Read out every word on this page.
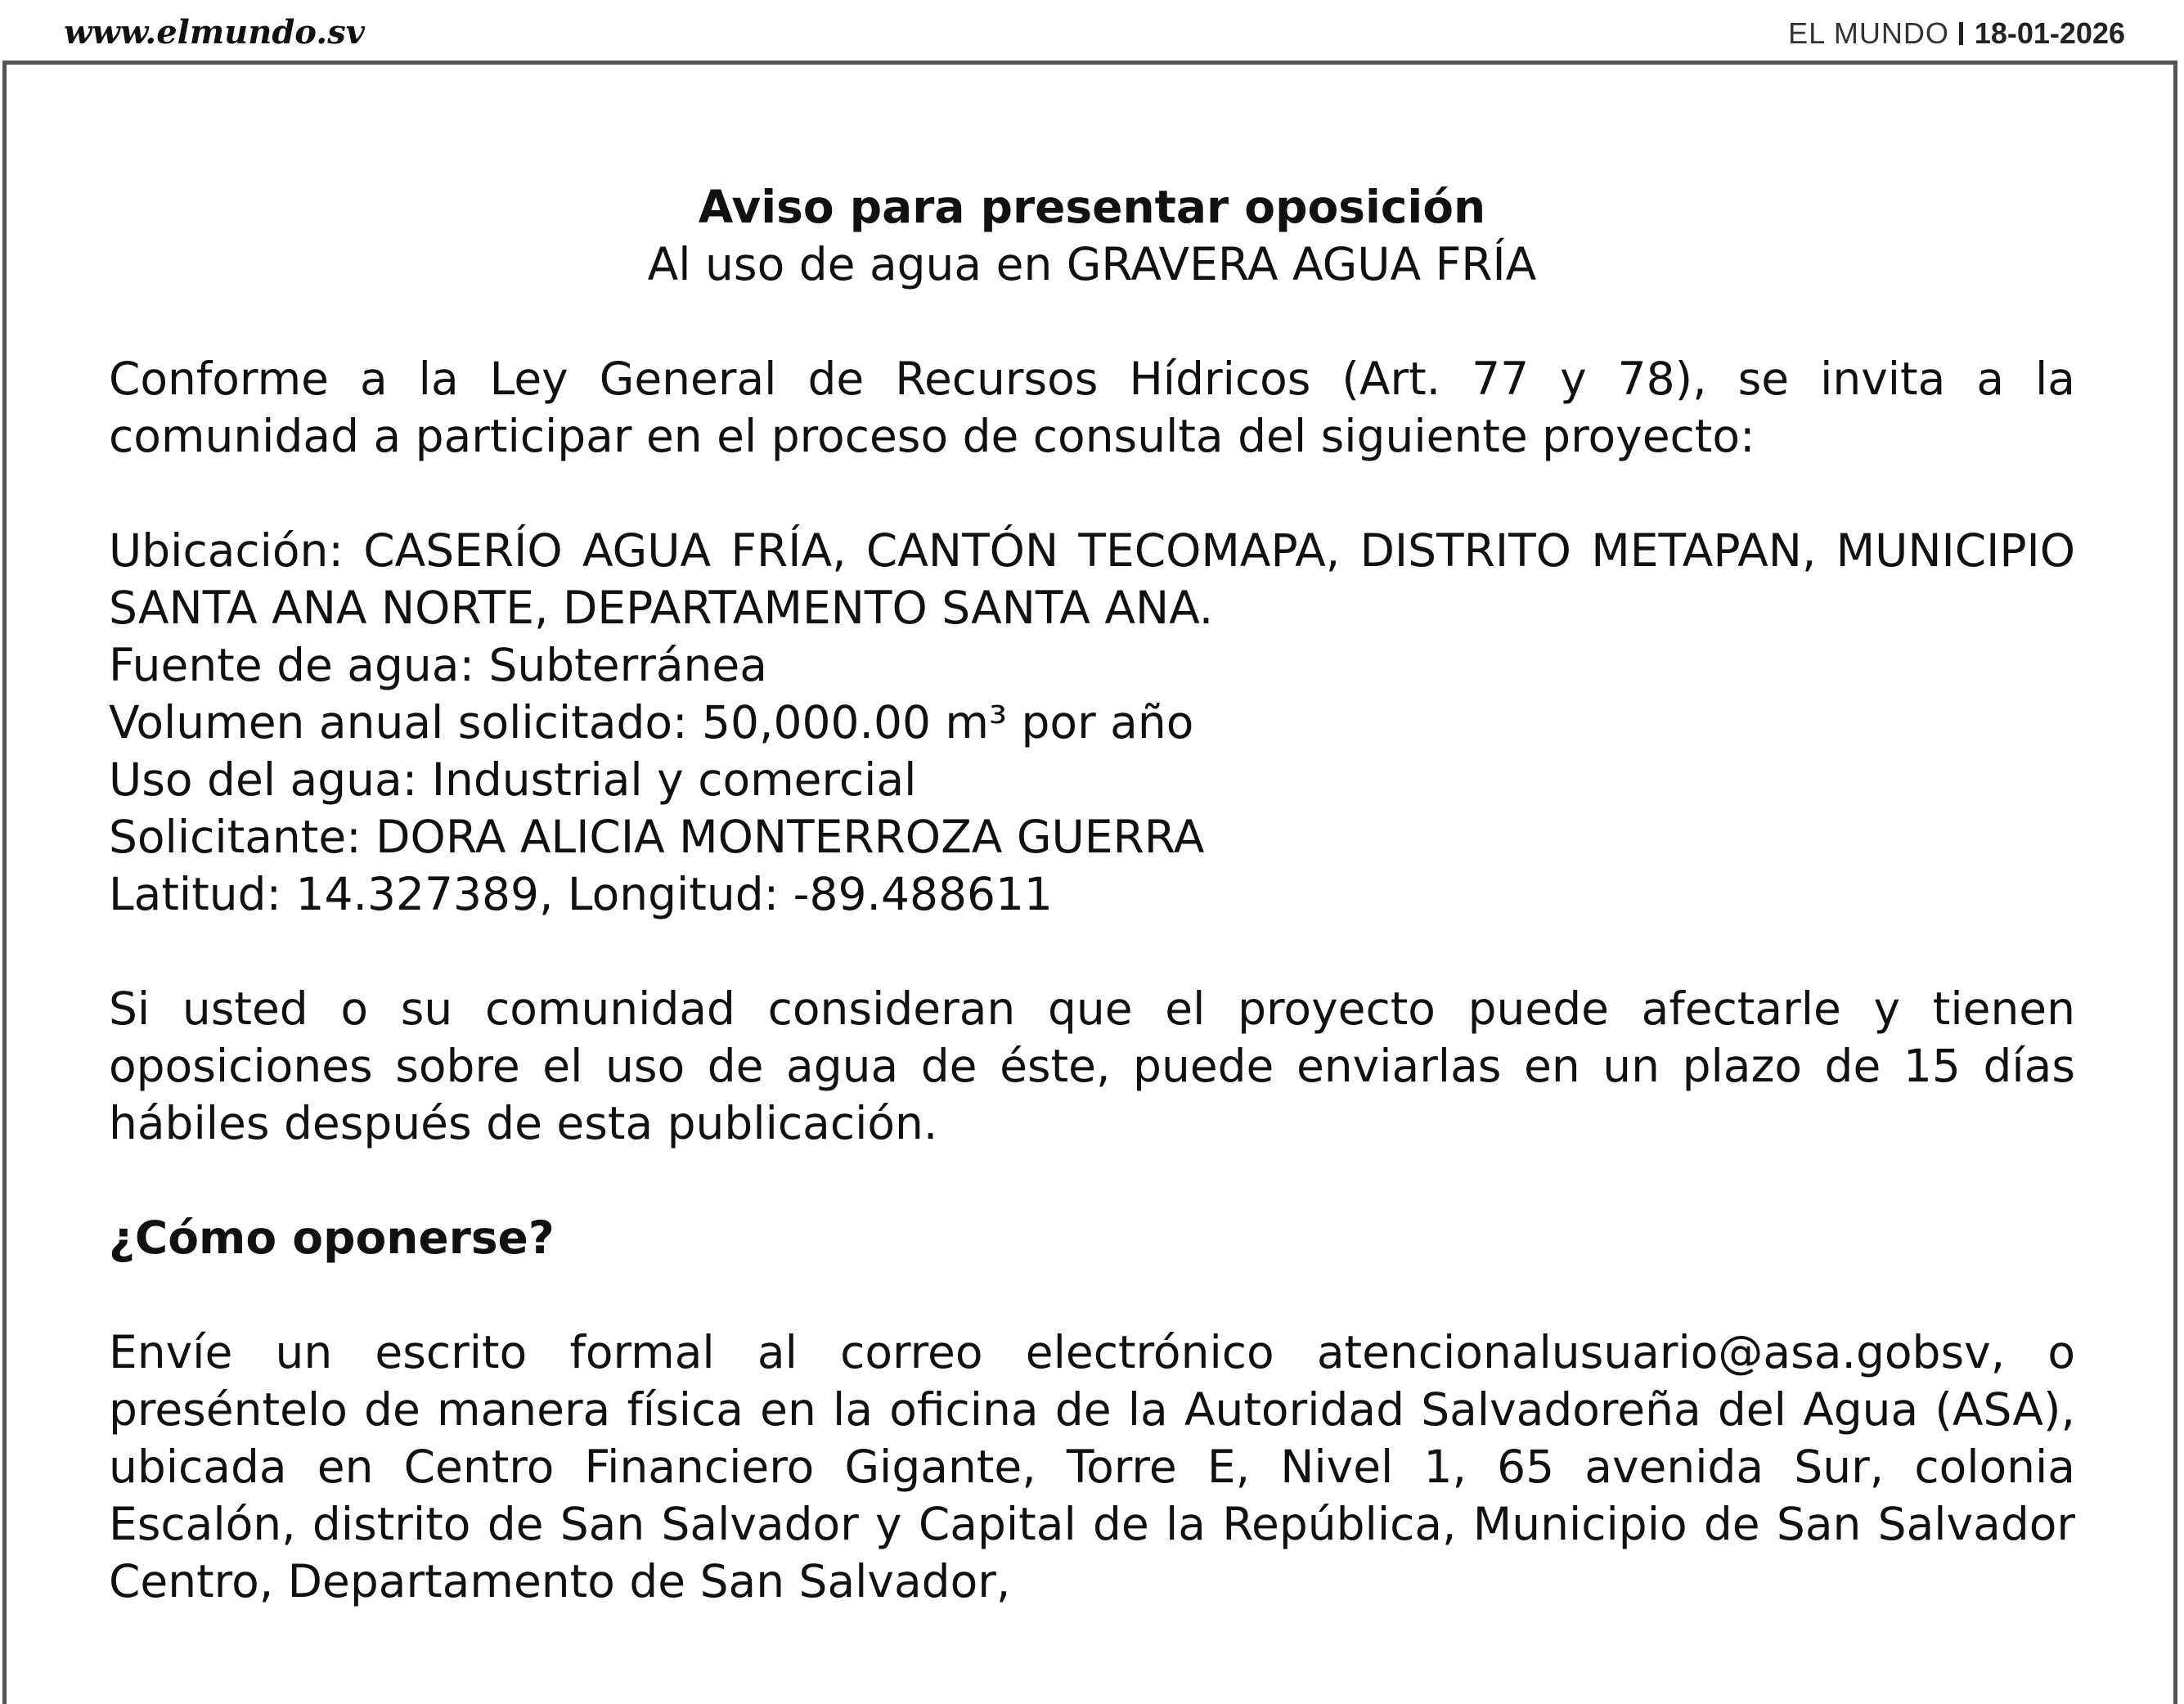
www.elmundo.sv	EL MUNDO 18-01-2026

Aviso para presentar oposición

Al uso de agua en GRAVERA AGUA FRÍA

Conforme a la Ley General de Recursos Hídricos (Art. 77 y 78), se invita a la comunidad a participar en el proceso de consulta del siguiente proyecto:

Ubicación: CASERÍO AGUA FRÍA, CANTÓN TECOMAPA, DISTRITO METAPAN, MUNICIPIO SANTA ANA NORTE, DEPARTAMENTO SANTA ANA.

Fuente de agua: Subterránea

Volumen anual solicitado: 50,000.00 m³ por año

Uso del agua: Industrial y comercial

Solicitante: DORA ALICIA MONTERROZA GUERRA

Latitud: 14.327389, Longitud: -89.488611

Si usted o su comunidad consideran que el proyecto puede afectarle y tienen oposiciones sobre el uso de agua de éste, puede enviarlas en un plazo de 15 días hábiles después de esta publicación.

¿Cómo oponerse?

Envíe un escrito formal al correo electrónico atencionalusuario@asa.gobsv, o preséntelo de manera física en la oficina de la Autoridad Salvadoreña del Agua (ASA), ubicada en Centro Financiero Gigante, Torre E, Nivel 1, 65 avenida Sur, colonia Escalón, distrito de San Salvador y Capital de la República, Municipio de San Salvador Centro, Departamento de San Salvador,
